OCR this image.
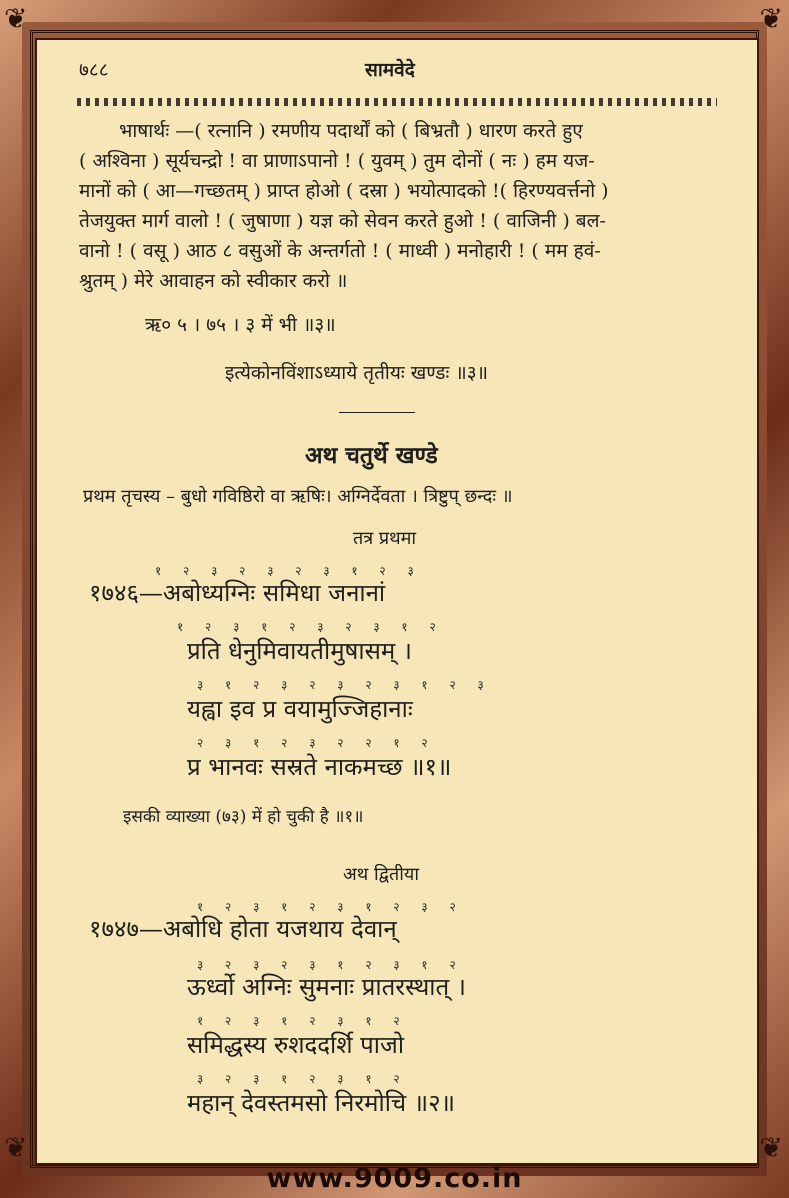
❦	❦
❦	❦
७८८	सामवेदे
भाषार्थः —( रत्नानि ) रमणीय पदार्थों को ( बिभ्रतौ ) धारण करते हुए
( अश्विना ) सूर्यचन्द्रो ! वा प्राणाऽपानो ! ( युवम् ) तुम दोनों ( नः ) हम यज-
मानों को ( आ—गच्छतम् ) प्राप्त होओ ( दस्रा ) भयोत्पादको !( हिरण्यवर्त्तनो )
तेजयुक्त मार्ग वालो ! ( जुषाणा ) यज्ञ को सेवन करते हुओ ! ( वाजिनी ) बल-
वानो ! ( वसू ) आठ ८ वसुओं के अन्तर्गतो ! ( माध्वी ) मनोहारी ! ( मम हवं-
श्रुतम् ) मेरे आवाहन को स्वीकार करो ॥
ऋ० ५ । ७५ । ३ में भी ॥३॥
इत्येकोनविंशाऽध्याये तृतीयः खण्डः ॥३॥
अथ चतुर्थे खण्डे
प्रथम तृचस्य – बुधो गविष्ठिरो वा ऋषिः। अग्निर्देवता । त्रिष्टुप् छन्दः ॥
तत्र प्रथमा
१ २ ३ २ ३ २ ३ १ २ ३
१७४६—अबोध्यग्निः समिधा जनानां
१ २ ३ १ २ ३ २ ३ १ २
प्रति धेनुमिवायतीमुषासम् ।
३ १ २ ३ २ ३ २ ३ १ २ ३
यह्वा इव प्र वयामुज्जिहानाः
२ ३ १ २ ३ २ २ १ २
प्र भानवः सस्रते नाकमच्छ ॥१॥
इसकी व्याख्या (७३) में हो चुकी है ॥१॥
अथ द्वितीया
१ २ ३ १ २ ३ १ २ ३ २
१७४७—अबोधि होता यजथाय देवान्
३ २ ३ २ ३ १ २ ३ १ २
ऊर्ध्वो अग्निः सुमनाः प्रातरस्थात् ।
१ २ ३ १ २ ३ १ २
समिद्धस्य रुशददर्शि पाजो
३ २ ३ १ २ ३ १ २
महान् देवस्तमसो निरमोचि ॥२॥
www.9009.co.in
